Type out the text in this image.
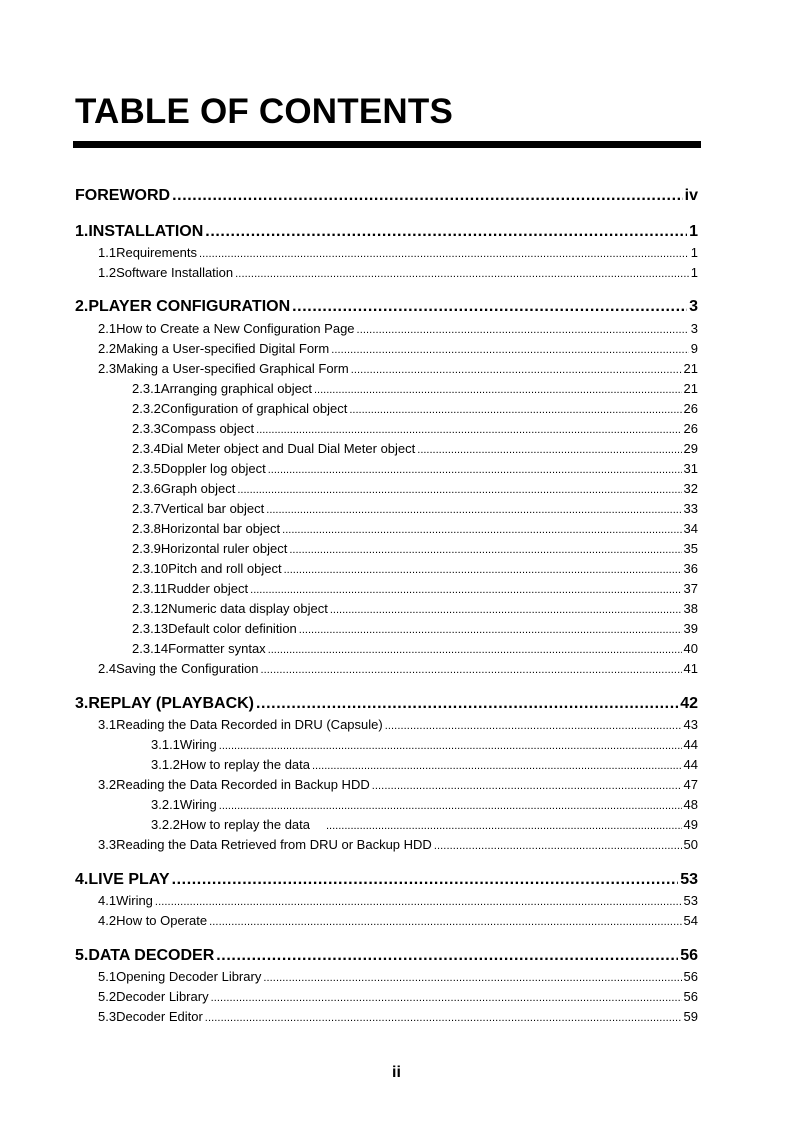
TABLE OF CONTENTS
FOREWORD .....	iv
1. INSTALLATION .....	1
1.1 Requirements .....	1
1.2 Software Installation .....	1
2. PLAYER CONFIGURATION .....	3
2.1 How to Create a New Configuration Page .....	3
2.2 Making a User-specified Digital Form .....	9
2.3 Making a User-specified Graphical Form .....	21
2.3.1 Arranging graphical object .....	21
2.3.2 Configuration of graphical object .....	26
2.3.3 Compass object .....	26
2.3.4 Dial Meter object and Dual Dial Meter object .....	29
2.3.5 Doppler log object .....	31
2.3.6 Graph object .....	32
2.3.7 Vertical bar object .....	33
2.3.8 Horizontal bar object .....	34
2.3.9 Horizontal ruler object .....	35
2.3.10 Pitch and roll object .....	36
2.3.11 Rudder object .....	37
2.3.12 Numeric data display object .....	38
2.3.13 Default color definition .....	39
2.3.14 Formatter syntax .....	40
2.4 Saving the Configuration .....	41
3. REPLAY (PLAYBACK) .....	42
3.1 Reading the Data Recorded in DRU (Capsule) .....	43
3.1.1 Wiring .....	44
3.1.2 How to replay the data .....	44
3.2 Reading the Data Recorded in Backup HDD .....	47
3.2.1 Wiring .....	48
3.2.2 How to replay the data .....	49
3.3 Reading the Data Retrieved from DRU or Backup HDD .....	50
4. LIVE PLAY .....	53
4.1 Wiring .....	53
4.2 How to Operate .....	54
5. DATA DECODER .....	56
5.1 Opening Decoder Library .....	56
5.2 Decoder Library .....	56
5.3 Decoder Editor .....	59
ii
